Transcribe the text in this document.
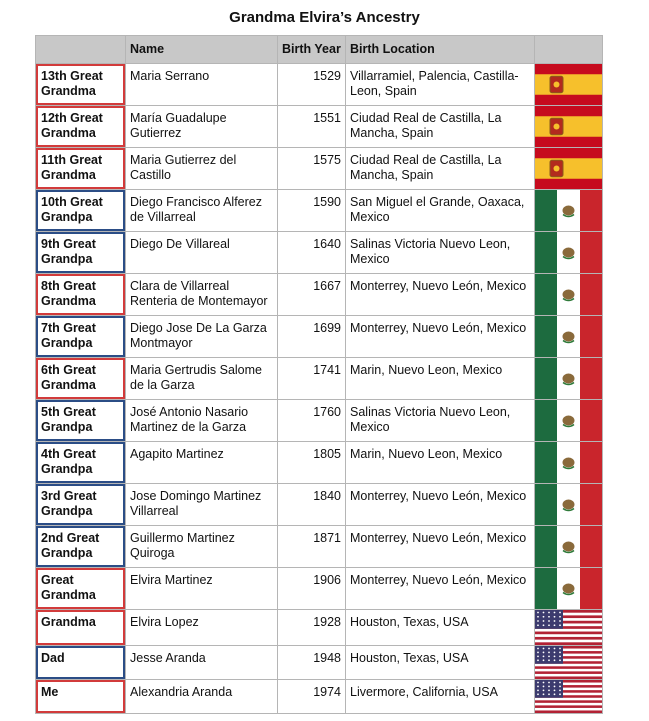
Grandma Elvira’s Ancestry
	Name	Birth Year	Birth Location	
13th Great Grandma	Maria Serrano	1529	Villarramiel, Palencia, Castilla-Leon, Spain	

12th Great Grandma	María Guadalupe Gutierrez	1551	Ciudad Real de Castilla, La Mancha, Spain	

11th Great Grandma	Maria Gutierrez del Castillo	1575	Ciudad Real de Castilla, La Mancha, Spain	

10th Great Grandpa	Diego Francisco Alferez de Villarreal	1590	San Miguel el Grande, Oaxaca, Mexico	

9th Great Grandpa	Diego De Villareal	1640	Salinas Victoria Nuevo Leon, Mexico	

8th Great Grandma	Clara de Villarreal Renteria de Montemayor	1667	Monterrey, Nuevo León, Mexico	

7th Great Grandpa	Diego Jose De La Garza Montmayor	1699	Monterrey, Nuevo León, Mexico	

6th Great Grandma	Maria Gertrudis Salome de la Garza	1741	Marin, Nuevo Leon, Mexico	

5th Great Grandpa	José Antonio Nasario Martinez de la Garza	1760	Salinas Victoria Nuevo Leon, Mexico	

4th Great Grandpa	Agapito Martinez	1805	Marin, Nuevo Leon, Mexico	

3rd Great Grandpa	Jose Domingo Martinez Villarreal	1840	Monterrey, Nuevo León, Mexico	

2nd Great Grandpa	Guillermo Martinez Quiroga	1871	Monterrey, Nuevo León, Mexico	

Great Grandma	Elvira Martinez	1906	Monterrey, Nuevo León, Mexico	

Grandma	Elvira Lopez	1928	Houston, Texas, USA	

Dad	Jesse Aranda	1948	Houston, Texas, USA	

Me	Alexandria Aranda	1974	Livermore, California, USA	
